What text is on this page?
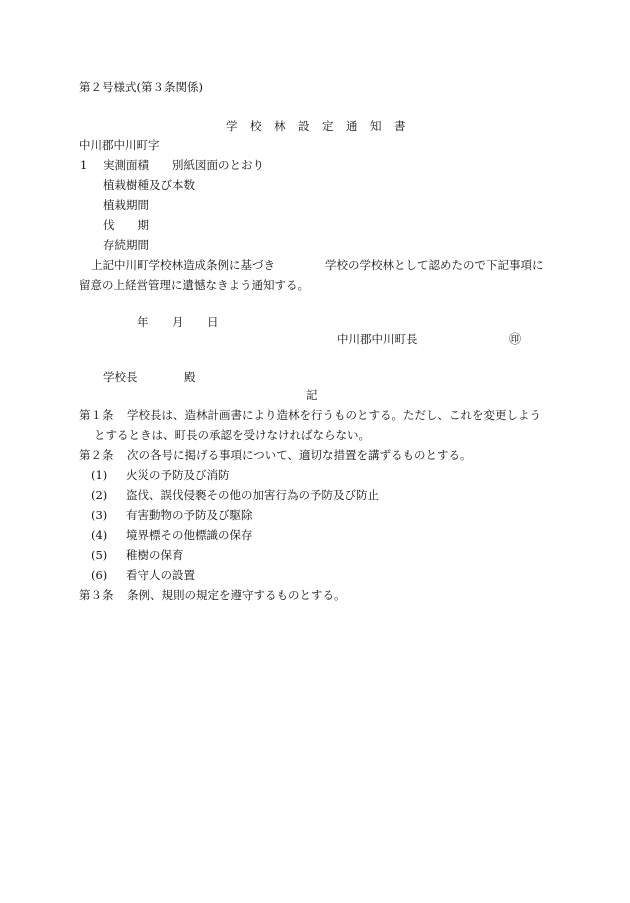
第２号様式(第３条関係)
学　校　林　設　定　通　知　書
中川郡中川町字
1 実測面積 別紙図面のとおり
植栽樹種及び本数
植栽期間
伐　　期
存続期間
上記中川町学校林造成条例に基づき	学校の学校林として認めたので下記事項に
留意の上経営管理に遺憾なきよう通知する。
年 月 日
中川郡中川町長	㊞
学校長	殿
記
第１条 学校長は、造林計画書により造林を行うものとする。ただし、これを変更しよう
とするときは、町長の承認を受けなければならない。
第２条 次の各号に掲げる事項について、適切な措置を講ずるものとする。
(1) 火災の予防及び消防
(2) 盗伐、誤伐侵褻その他の加害行為の予防及び防止
(3) 有害動物の予防及び駆除
(4) 境界標その他標識の保存
(5) 稚樹の保育
(6) 看守人の設置
第３条 条例、規則の規定を遵守するものとする。
